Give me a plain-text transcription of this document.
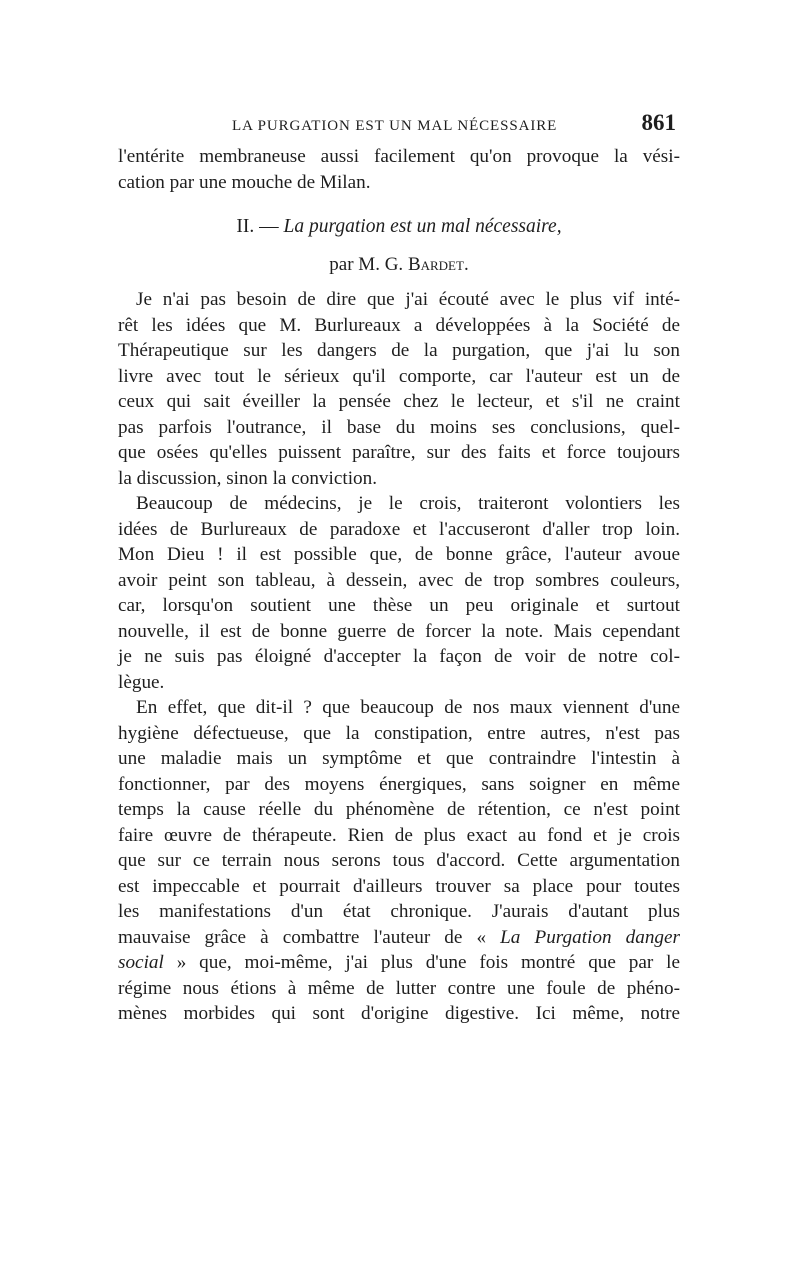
LA PURGATION EST UN MAL NÉCESSAIRE	861
l'entérite membraneuse aussi facilement qu'on provoque la vési-
cation par une mouche de Milan.
II. — La purgation est un mal nécessaire,
par M. G. Bardet.
Je n'ai pas besoin de dire que j'ai écouté avec le plus vif inté-
rêt les idées que M. Burlureaux a développées à la Société de
Thérapeutique sur les dangers de la purgation, que j'ai lu son
livre avec tout le sérieux qu'il comporte, car l'auteur est un de
ceux qui sait éveiller la pensée chez le lecteur, et s'il ne craint
pas parfois l'outrance, il base du moins ses conclusions, quel-
que osées qu'elles puissent paraître, sur des faits et force toujours
la discussion, sinon la conviction.
Beaucoup de médecins, je le crois, traiteront volontiers les
idées de Burlureaux de paradoxe et l'accuseront d'aller trop loin.
Mon Dieu ! il est possible que, de bonne grâce, l'auteur avoue
avoir peint son tableau, à dessein, avec de trop sombres couleurs,
car, lorsqu'on soutient une thèse un peu originale et surtout
nouvelle, il est de bonne guerre de forcer la note. Mais cependant
je ne suis pas éloigné d'accepter la façon de voir de notre col-
lègue.
En effet, que dit-il ? que beaucoup de nos maux viennent d'une
hygiène défectueuse, que la constipation, entre autres, n'est pas
une maladie mais un symptôme et que contraindre l'intestin à
fonctionner, par des moyens énergiques, sans soigner en même
temps la cause réelle du phénomène de rétention, ce n'est point
faire œuvre de thérapeute. Rien de plus exact au fond et je crois
que sur ce terrain nous serons tous d'accord. Cette argumentation
est impeccable et pourrait d'ailleurs trouver sa place pour toutes
les manifestations d'un état chronique. J'aurais d'autant plus
mauvaise grâce à combattre l'auteur de « La Purgation danger
social » que, moi-même, j'ai plus d'une fois montré que par le
régime nous étions à même de lutter contre une foule de phéno-
mènes morbides qui sont d'origine digestive. Ici même, notre
